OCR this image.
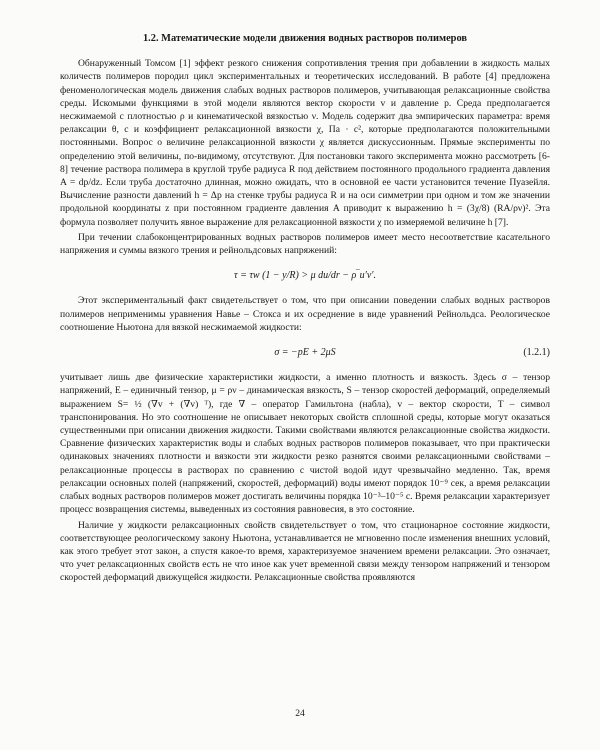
1.2. Математические модели движения водных растворов полимеров

Обнаруженный Томсом [1] эффект резкого снижения сопротивления трения при добавлении в жидкость малых количеств полимеров породил цикл экспериментальных и теоретических исследований. В работе [4] предложена феноменологическая модель движения слабых водных растворов полимеров, учитывающая релаксационные свойства среды. Искомыми функциями в этой модели являются вектор скорости v и давление p. Среда предполагается несжимаемой с плотностью ρ и кинематической вязкостью ν. Модель содержит два эмпирических параметра: время релаксации θ, с и коэффициент релаксационной вязкости χ, Па · с², которые предполагаются положительными постоянными. Вопрос о величине релаксационной вязкости χ является дискуссионным. Прямые эксперименты по определению этой величины, по-видимому, отсутствуют. Для постановки такого эксперимента можно рассмотреть [6-8] течение раствора полимера в круглой трубе радиуса R под действием постоянного продольного градиента давления A = dp/dz. Если труба достаточно длинная, можно ожидать, что в основной ее части установится течение Пуазейля. Вычисление разности давлений h = Δp на стенке трубы радиуса R и на оси симметрии при одном и том же значении продольной координаты z при постоянном градиенте давления A приводит к выражению h = (3χ/8) (RA/ρν)². Эта формула позволяет получить явное выражение для релаксационной вязкости χ по измеряемой величине h [7].

При течении слабоконцентрированных водных растворов полимеров имеет место несоответствие касательного напряжения и суммы вязкого трения и рейнольдсовых напряжений:

τ = τw (1 − y/R) > μ du/dr − ρ‾u′v′.

Этот экспериментальный факт свидетельствует о том, что при описании поведении слабых водных растворов полимеров неприменимы уравнения Навье – Стокса и их осреднение в виде уравнений Рейнольдса. Реологическое соотношение Ньютона для вязкой несжимаемой жидкости:

σ = −pE + 2μS	(1.2.1)

учитывает лишь две физические характеристики жидкости, а именно плотность и вязкость. Здесь σ – тензор напряжений, E – единичный тензор, μ = ρν – динамическая вязкость, S – тензор скоростей деформаций, определяемый выражением S= ½ (∇v + (∇v) ᵀ), где ∇ – оператор Гамильтона (набла), v – вектор скорости, T – символ транспонирования. Но это соотношение не описывает некоторых свойств сплошной среды, которые могут оказаться существенными при описании движения жидкости. Такими свойствами являются релаксационные свойства жидкости. Сравнение физических характеристик воды и слабых водных растворов полимеров показывает, что при практически одинаковых значениях плотности и вязкости эти жидкости резко разнятся своими релаксационными свойствами – релаксационные процессы в растворах по сравнению с чистой водой идут чрезвычайно медленно. Так, время релаксации основных полей (напряжений, скоростей, деформаций) воды имеют порядок 10⁻⁹ сек, а время релаксации слабых водных растворов полимеров может достигать величины порядка 10⁻³–10⁻⁵ с. Время релаксации характеризует процесс возвращения системы, выведенных из состояния равновесия, в это состояние.

Наличие у жидкости релаксационных свойств свидетельствует о том, что стационарное состояние жидкости, соответствующее реологическому закону Ньютона, устанавливается не мгновенно после изменения внешних условий, как этого требует этот закон, а спустя какое-то время, характеризуемое значением времени релаксации. Это означает, что учет релаксационных свойств есть не что иное как учет временной связи между тензором напряжений и тензором скоростей деформаций движущейся жидкости. Релаксационные свойства проявляются

24
